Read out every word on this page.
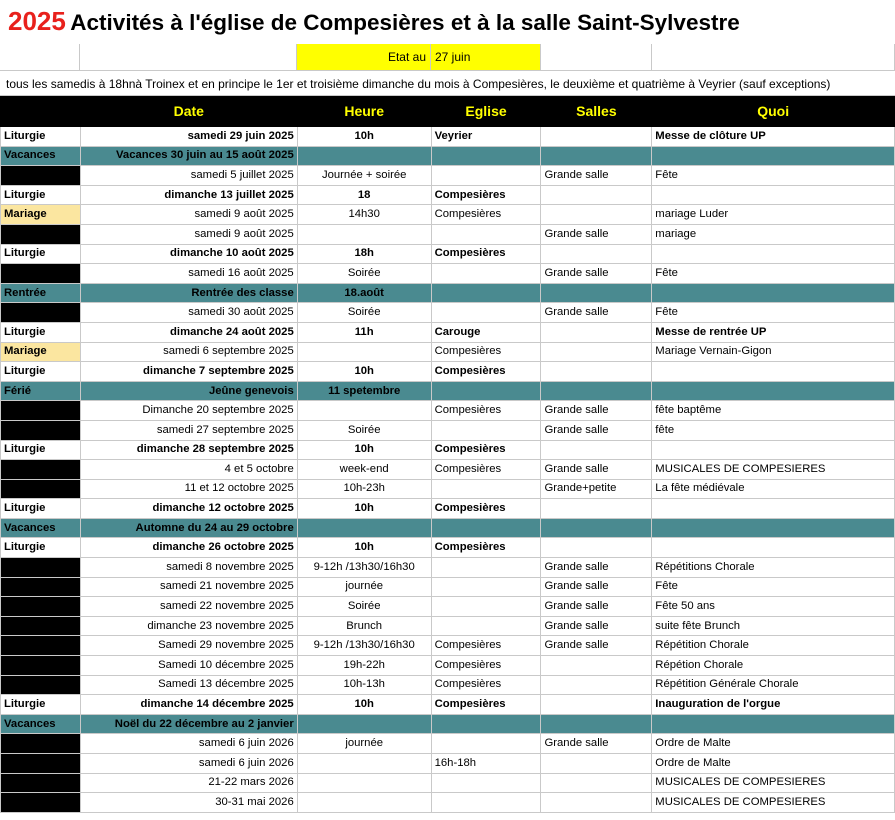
2025 Activités à l'église de Compesières et à la salle Saint-Sylvestre
Etat au 27 juin
tous les samedis à 18hnà Troinex et en principe le 1er et troisième dimanche du mois à Compesières, le deuxième et quatrième à Veyrier (sauf exceptions)
	Date	Heure	Eglise	Salles	Quoi
Liturgie	samedi 29 juin 2025	10h	Veyrier		Messe de clôture UP
Vacances	Vacances 30 juin au 15 août 2025				
Location	samedi 5 juillet 2025	Journée + soirée		Grande salle	Fête
Liturgie	dimanche 13 juillet 2025	18	Compesières		
Mariage	samedi 9 août 2025	14h30	Compesières		mariage Luder
Location	samedi 9 août 2025			Grande salle	mariage
Liturgie	dimanche 10 août 2025	18h	Compesières		
Location	samedi 16 août 2025	Soirée		Grande salle	Fête
Rentrée	Rentrée des classe	18.août			
Location	samedi 30 août 2025	Soirée		Grande salle	Fête
Liturgie	dimanche 24 août 2025	11h	Carouge		Messe de rentrée UP
Mariage	samedi 6 septembre 2025		Compesières		Mariage Vernain-Gigon
Liturgie	dimanche 7 septembre 2025	10h	Compesières		
Férié	Jeûne genevois	11 spetembre			
Location	Dimanche 20 septembre 2025		Compesières	Grande salle	fête baptême
Location	samedi 27 septembre 2025	Soirée		Grande salle	fête
Liturgie	dimanche 28 septembre 2025	10h	Compesières		
Location	4 et 5 octobre	week-end	Compesières	Grande salle	MUSICALES DE COMPESIERES
Location	11 et 12 octobre 2025	10h-23h		Grande+petite	La fête médiévale
Liturgie	dimanche 12 octobre 2025	10h	Compesières		
Vacances	Automne du 24 au 29 octobre				
Liturgie	dimanche 26 octobre 2025	10h	Compesières		
Location	samedi 8 novembre 2025	9-12h /13h30/16h30		Grande salle	Répétitions Chorale
Location	samedi 21 novembre 2025	journée		Grande salle	Fête
Location	samedi 22 novembre 2025	Soirée		Grande salle	Fête 50 ans
Location	dimanche 23 novembre 2025	Brunch		Grande salle	suite fête Brunch
Location	Samedi 29 novembre 2025	9-12h /13h30/16h30	Compesières	Grande salle	Répétition Chorale
Location	Samedi 10 décembre 2025	19h-22h	Compesières		Répétion Chorale
Location	Samedi 13 décembre 2025	10h-13h	Compesières		Répétition Générale Chorale
Liturgie	dimanche 14 décembre 2025	10h	Compesières		Inauguration de l'orgue
Vacances	Noël du 22 décembre au 2 janvier				
Location	samedi 6 juin 2026	journée		Grande salle	Ordre de Malte
Location	samedi 6 juin 2026		16h-18h		Ordre de Malte
Location	21-22 mars 2026				MUSICALES DE COMPESIERES
Location	30-31 mai 2026				MUSICALES DE COMPESIERES
